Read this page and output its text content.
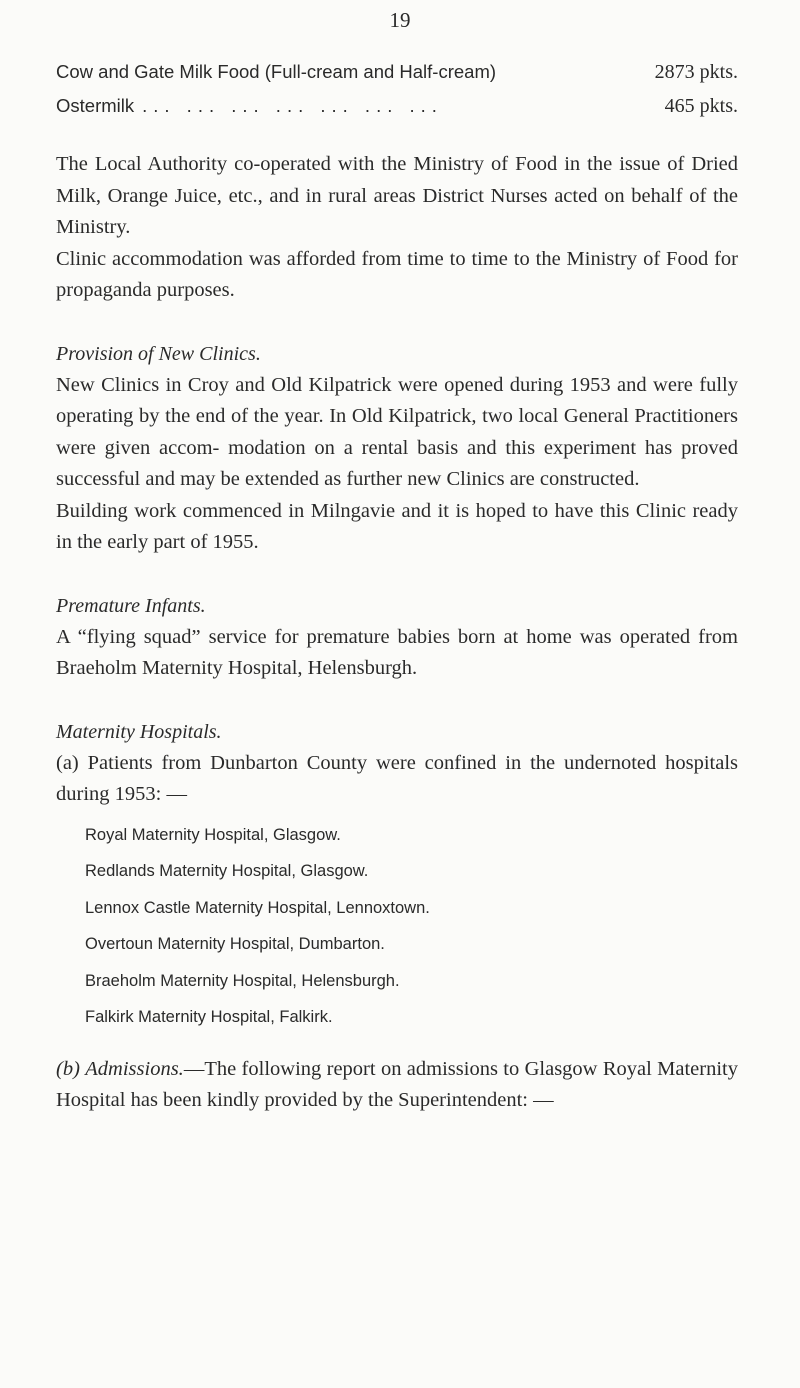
19
Cow and Gate Milk Food (Full-cream and Half-cream)	2873 pkts.
Ostermilk ... ... ... ... ... ... ...	465 pkts.

The Local Authority co-operated with the Ministry of Food in the issue of Dried Milk, Orange Juice, etc., and in rural areas District Nurses acted on behalf of the Ministry.

Clinic accommodation was afforded from time to time to the Ministry of Food for propaganda purposes.

Provision of New Clinics.

New Clinics in Croy and Old Kilpatrick were opened during 1953 and were fully operating by the end of the year. In Old Kilpatrick, two local General Practitioners were given accom- modation on a rental basis and this experiment has proved successful and may be extended as further new Clinics are constructed.

Building work commenced in Milngavie and it is hoped to have this Clinic ready in the early part of 1955.

Premature Infants.

A “flying squad” service for premature babies born at home was operated from Braeholm Maternity Hospital, Helensburgh.

Maternity Hospitals.

(a) Patients from Dunbarton County were confined in the undernoted hospitals during 1953: —

Royal Maternity Hospital, Glasgow.
Redlands Maternity Hospital, Glasgow.
Lennox Castle Maternity Hospital, Lennoxtown.
Overtoun Maternity Hospital, Dumbarton.
Braeholm Maternity Hospital, Helensburgh.
Falkirk Maternity Hospital, Falkirk.

(b) Admissions.—The following report on admissions to Glasgow Royal Maternity Hospital has been kindly provided by the Superintendent: —
